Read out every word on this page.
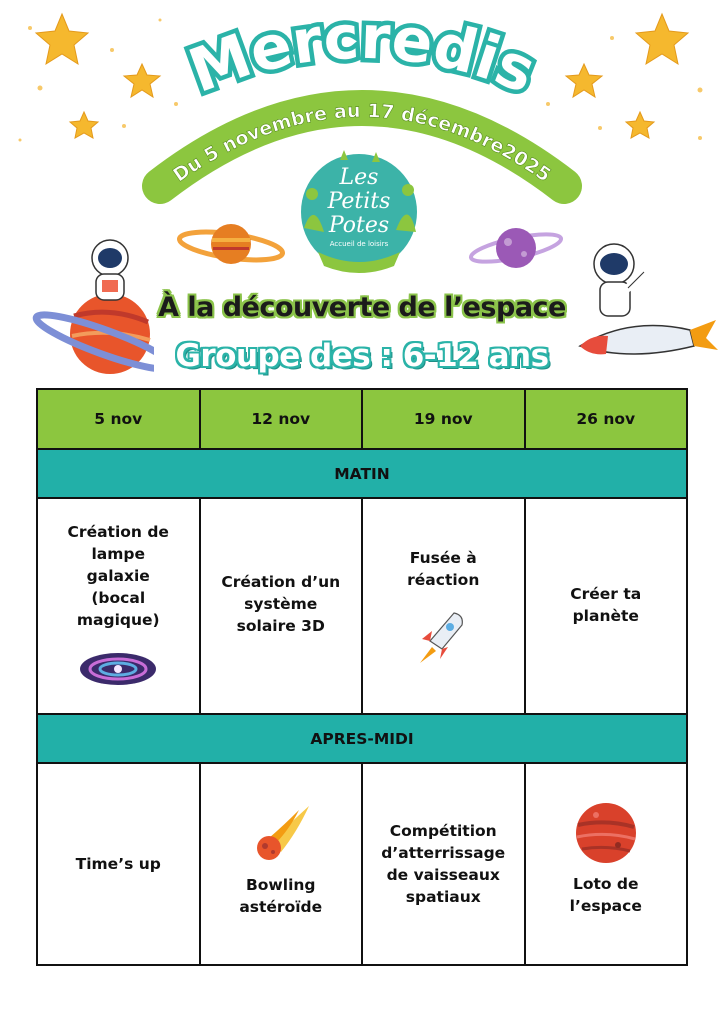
Mercredis
Du 5 novembre au 17 décembre2025
Les
Petits
Potes
Accueil de loisirs
À la découverte de l’espace
Groupe des : 6-12 ans
5 nov	12 nov	19 nov	26 nov
MATIN			

Création de lampe galaxie (bocal magique)	Création d’un système solaire 3D	Fusée à réaction	Créer ta planète

APRES-MIDI			

Time’s up	Bowling astéroïde	Compétition d’atterrissage de vaisseaux spatiaux	Loto de l’espace
